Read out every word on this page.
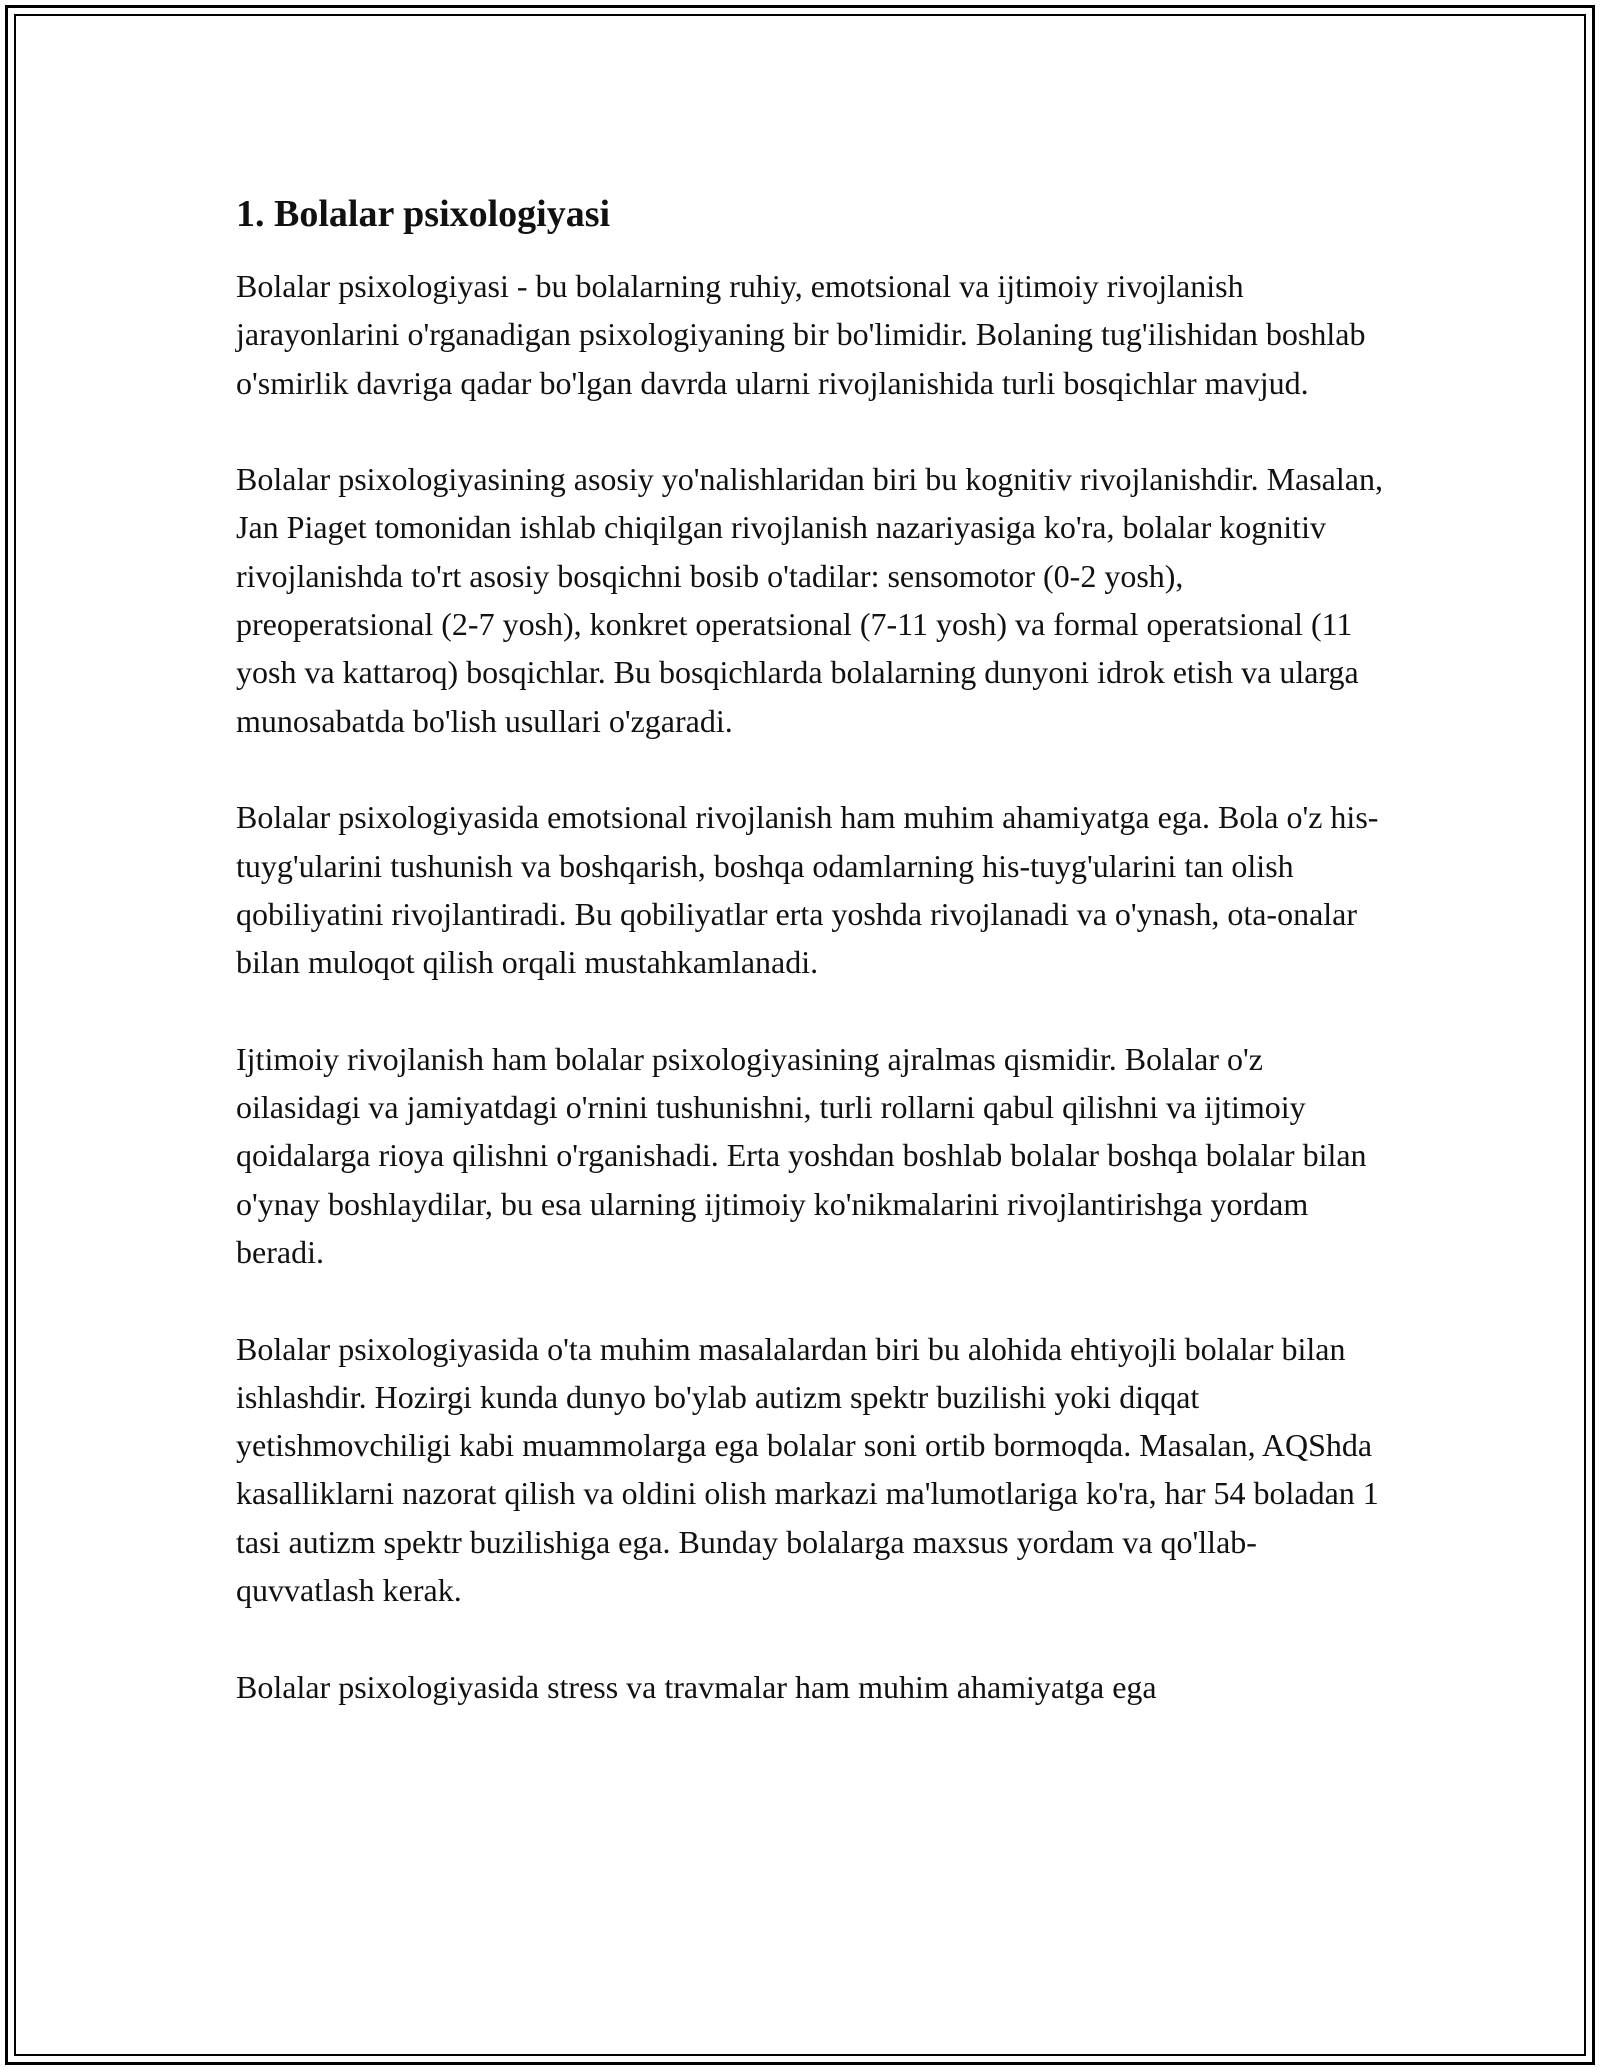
1. Bolalar psixologiyasi

Bolalar psixologiyasi - bu bolalarning ruhiy, emotsional va ijtimoiy rivojlanish jarayonlarini o'rganadigan psixologiyaning bir bo'limidir. Bolaning tug'ilishidan boshlab o'smirlik davriga qadar bo'lgan davrda ularni rivojlanishida turli bosqichlar mavjud.

Bolalar psixologiyasining asosiy yo'nalishlaridan biri bu kognitiv rivojlanishdir. Masalan, Jan Piaget tomonidan ishlab chiqilgan rivojlanish nazariyasiga ko'ra, bolalar kognitiv rivojlanishda to'rt asosiy bosqichni bosib o'tadilar: sensomotor (0-2 yosh), preoperatsional (2-7 yosh), konkret operatsional (7-11 yosh) va formal operatsional (11 yosh va kattaroq) bosqichlar. Bu bosqichlarda bolalarning dunyoni idrok etish va ularga munosabatda bo'lish usullari o'zgaradi.

Bolalar psixologiyasida emotsional rivojlanish ham muhim ahamiyatga ega. Bola o'z his-tuyg'ularini tushunish va boshqarish, boshqa odamlarning his-tuyg'ularini tan olish qobiliyatini rivojlantiradi. Bu qobiliyatlar erta yoshda rivojlanadi va o'ynash, ota-onalar bilan muloqot qilish orqali mustahkamlanadi.

Ijtimoiy rivojlanish ham bolalar psixologiyasining ajralmas qismidir. Bolalar o'z oilasidagi va jamiyatdagi o'rnini tushunishni, turli rollarni qabul qilishni va ijtimoiy qoidalarga rioya qilishni o'rganishadi. Erta yoshdan boshlab bolalar boshqa bolalar bilan o'ynay boshlaydilar, bu esa ularning ijtimoiy ko'nikmalarini rivojlantirishga yordam beradi.

Bolalar psixologiyasida o'ta muhim masalalardan biri bu alohida ehtiyojli bolalar bilan ishlashdir. Hozirgi kunda dunyo bo'ylab autizm spektr buzilishi yoki diqqat yetishmovchiligi kabi muammolarga ega bolalar soni ortib bormoqda. Masalan, AQShda kasalliklarni nazorat qilish va oldini olish markazi ma'lumotlariga ko'ra, har 54 boladan 1 tasi autizm spektr buzilishiga ega. Bunday bolalarga maxsus yordam va qo'llab-quvvatlash kerak.

Bolalar psixologiyasida stress va travmalar ham muhim ahamiyatga ega
